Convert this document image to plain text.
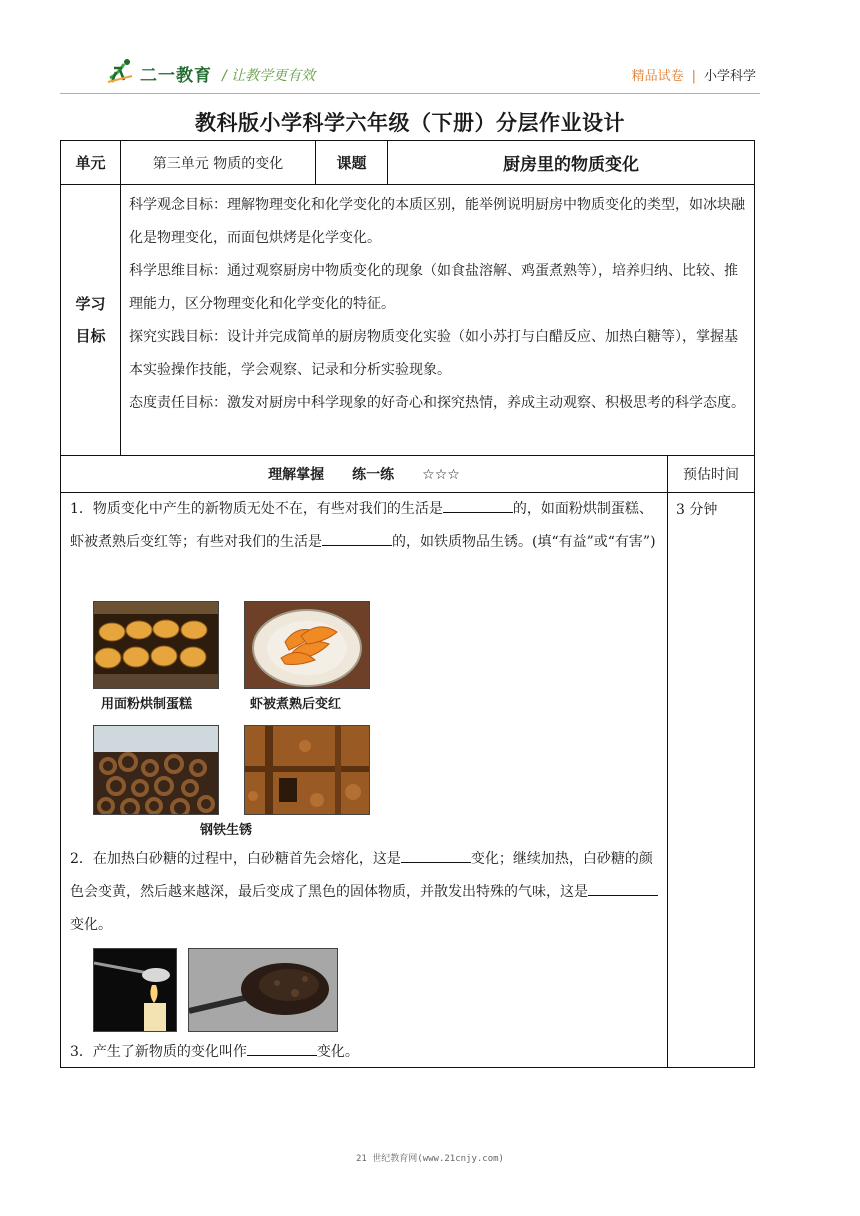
二一教育 / 让教学更有效	精品试卷 | 小学科学
教科版小学科学六年级（下册）分层作业设计
单元	第三单元 物质的变化	课题	厨房里的物质变化
学习
目标

科学观念目标：理解物理变化和化学变化的本质区别，能举例说明厨房中物质变化的类型，如冰块融化是物理变化，而面包烘烤是化学变化。

科学思维目标：通过观察厨房中物质变化的现象（如食盐溶解、鸡蛋煮熟等），培养归纳、比较、推理能力，区分物理变化和化学变化的特征。

探究实践目标：设计并完成简单的厨房物质变化实验（如小苏打与白醋反应、加热白糖等），掌握基本实验操作技能，学会观察、记录和分析实验现象。

态度责任目标：激发对厨房中科学现象的好奇心和探究热情，养成主动观察、积极思考的科学态度。

理解掌握　　练一练　　☆☆☆	预估时间

1．物质变化中产生的新物质无处不在，有些对我们的生活是	的，如面粉烘制蛋糕、虾被煮熟后变红等；有些对我们的生活是	的，如铁质物品生锈。(填“有益”或“有害”)

用面粉烘制蛋糕	虾被煮熟后变红
钢铁生锈

2．在加热白砂糖的过程中，白砂糖首先会熔化，这是	变化；继续加热，白砂糖的颜色会变黄，然后越来越深，最后变成了黑色的固体物质，并散发出特殊的气味，这是变化。

3．产生了新物质的变化叫作	变化。

3 分钟
21 世纪教育网(www.21cnjy.com)
